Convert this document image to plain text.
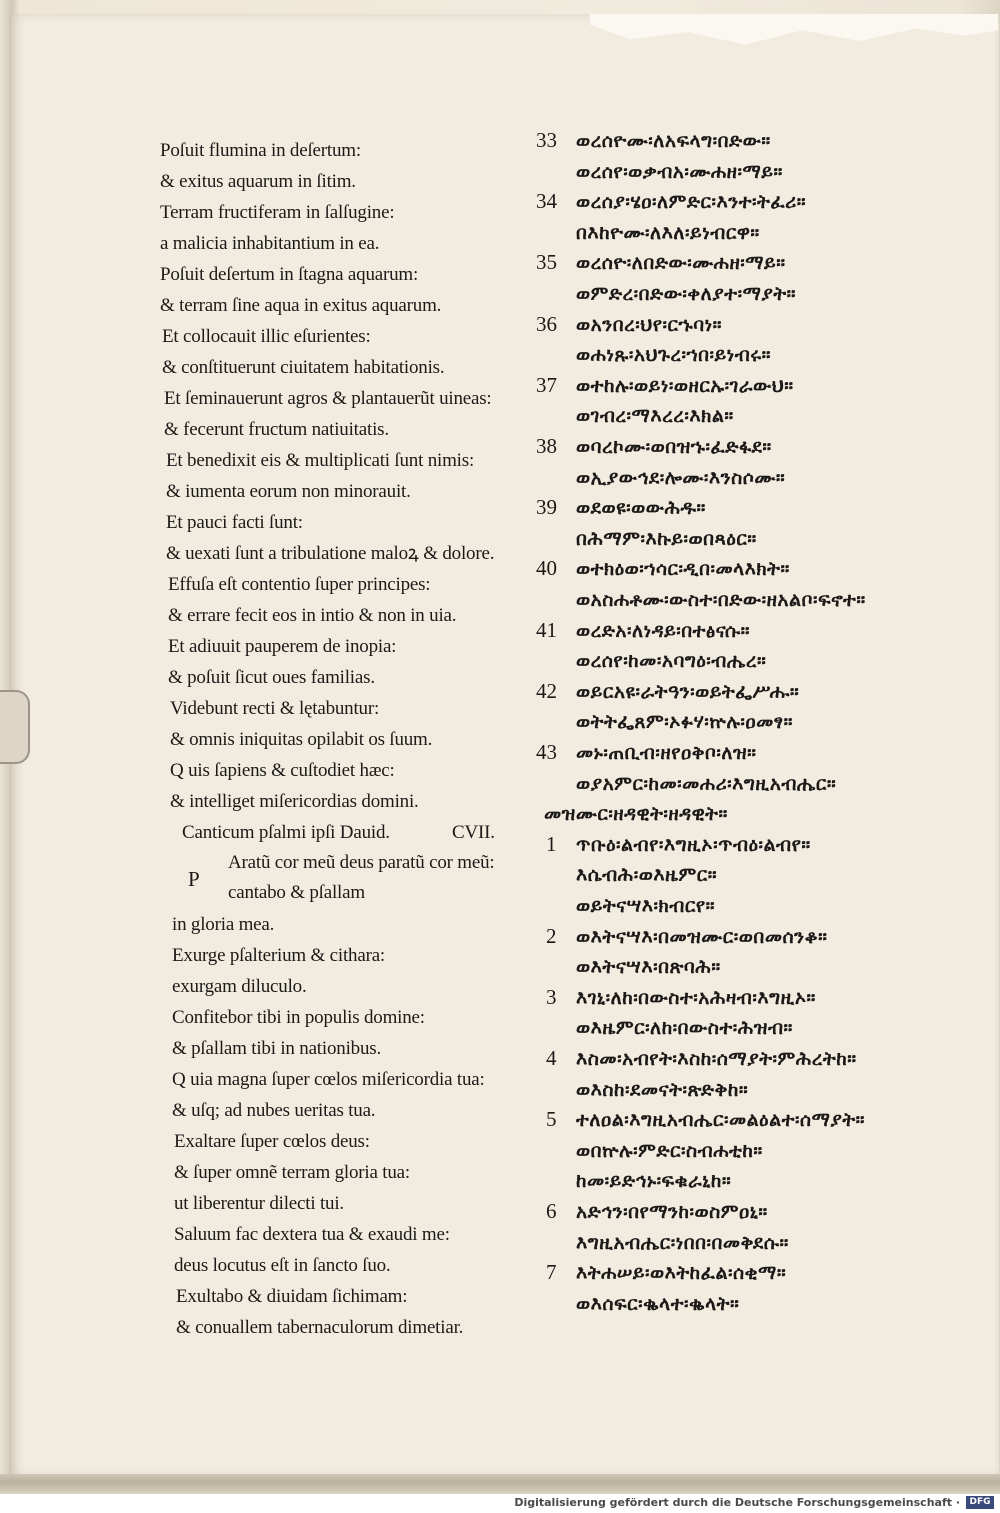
Poſuit flumina in deſertum:
& exitus aquarum in ſitim.
Terram fructiferam in ſalſugine:
a malicia inhabitantium in ea.
Poſuit deſertum in ſtagna aquarum:
& terram ſine aqua in exitus aquarum.
Et collocauit illic eſurientes:
& conſtituerunt ciuitatem habitationis.
Et ſeminauerunt agros & plantauerũt uineas:
& fecerunt fructum natiuitatis.
Et benedixit eis & multiplicati ſunt nimis:
& iumenta eorum non minorauit.
Et pauci facti ſunt:
& uexati ſunt a tribulatione maloꝝ & dolore.
Effuſa eſt contentio ſuper principes:
& errare fecit eos in intio & non in uia.
Et adiuuit pauperem de inopia:
& poſuit ſicut oues familias.
Videbunt recti & lętabuntur:
& omnis iniquitas opilabit os ſuum.
Q uis ſapiens & cuſtodiet hæc:
& intelliget miſericordias domini.
Canticum pſalmi ipſi Dauid.	CVII.
Aratũ cor meũ deus paratũ cor meũ:
P
cantabo & pſallam
in gloria mea.
Exurge pſalterium & cithara:
exurgam diluculo.
Confitebor tibi in populis domine:
& pſallam tibi in nationibus.
Q uia magna ſuper cœlos miſericordia tua:
& uſq; ad nubes ueritas tua.
Exaltare ſuper cœlos deus:
& ſuper omnẽ terram gloria tua:
ut liberentur dilecti tui.
Saluum fac dextera tua & exaudi me:
deus locutus eſt in ſancto ſuo.
Exultabo & diuidam ſichimam:
& conuallem tabernaculorum dimetiar.
33 ወረሰዮሙ፡ለአፍላግ፡በድው።
ወረሰየ፡ወቃብአ፡ሙሐዘ፡ማይ።
34 ወረሰያ፡ሄዐ፡ለምድር፡እንተ፡ትፈሪ።
በእከዮሙ፡ለእለ፡ይነብርዋ።
35 ወረሰዮ፡ለበድው፡ሙሐዘ፡ማይ።
ወምድረ፡በድው፡ቀለያተ፡ማያት።
36 ወአንበረ፡ህየ፡ርኁባነ።
ወሐነጹ፡አህጉረ፡ኀበ፡ይነብሩ።
37 ወተከሉ፡ወይነ፡ወዘርኡ፡ገራውህ።
ወገብረ፡ማእረረ፡እክል።
38 ወባረኮሙ፡ወበዝኁ፡ፈድፋደ።
ወኢያውኅደ፡ሎሙ፡እንስሶሙ።
39 ወደወዩ፡ወውሕዱ።
በሕማም፡እኩይ፡ወበጻዕር።
40 ወተክዕወ፡ኀሳር፡ዲበ፡መላእክት።
ወአስሐቶሙ፡ውስተ፡በድው፡ዘአልቦ፡ፍኖተ።
41 ወረድአ፡ለነዳይ፡በተፅናሱ።
ወረሰየ፡ከመ፡አባግዕ፡ብሔረ።
42 ወይርአዩ፡ራትዓን፡ወይትፌሥሑ።
ወትትፌጸም፡ኦፉሃ፡ኵሉ፡ዐመፃ።
43 መኑ፡ጠቢብ፡ዘየዐቅቦ፡ለዝ።
ወያአምር፡ከመ፡መሐሪ፡እግዚአብሔር።
መዝሙር፡ዘዳዊት፡ዘዳዊት።
1 ጥቡዕ፡ልብየ፡እግዚኦ፡ጥብዕ፡ልብየ።
እሴብሕ፡ወእዜምር።
ወይትናሣእ፡ክብርየ።
2 ወእትናሣእ፡በመዝሙር፡ወበመሰንቆ።
ወእትናሣእ፡በጽባሕ።
3 እገኒ፡ለከ፡በውስተ፡አሕዛብ፡እግዚኦ።
ወእዜምር፡ለከ፡በውስተ፡ሕዝብ።
4 እስመ፡አብየት፡እስከ፡ሰማያት፡ምሕረትከ።
ወእስከ፡ደመናት፡ጽድቅከ።
5 ተለዐል፡እግዚአብሔር፡መልዕልተ፡ሰማያት።
ወበኵሉ፡ምድር፡ስብሐቲከ።
ከመ፡ይድኅኑ፡ፍቁራኒከ።
6 አድኅን፡በየማንከ፡ወስምዐኒ።
እግዚአብሔር፡ነበበ፡በመቅደሱ።
7 እትሐሠይ፡ወእትከፈል፡ሰቂማ።
ወእሰፍር፡ቈላተ፡ቈላት።
Digitalisierung gefördert durch die Deutsche Forschungsgemeinschaft ·	DFG
